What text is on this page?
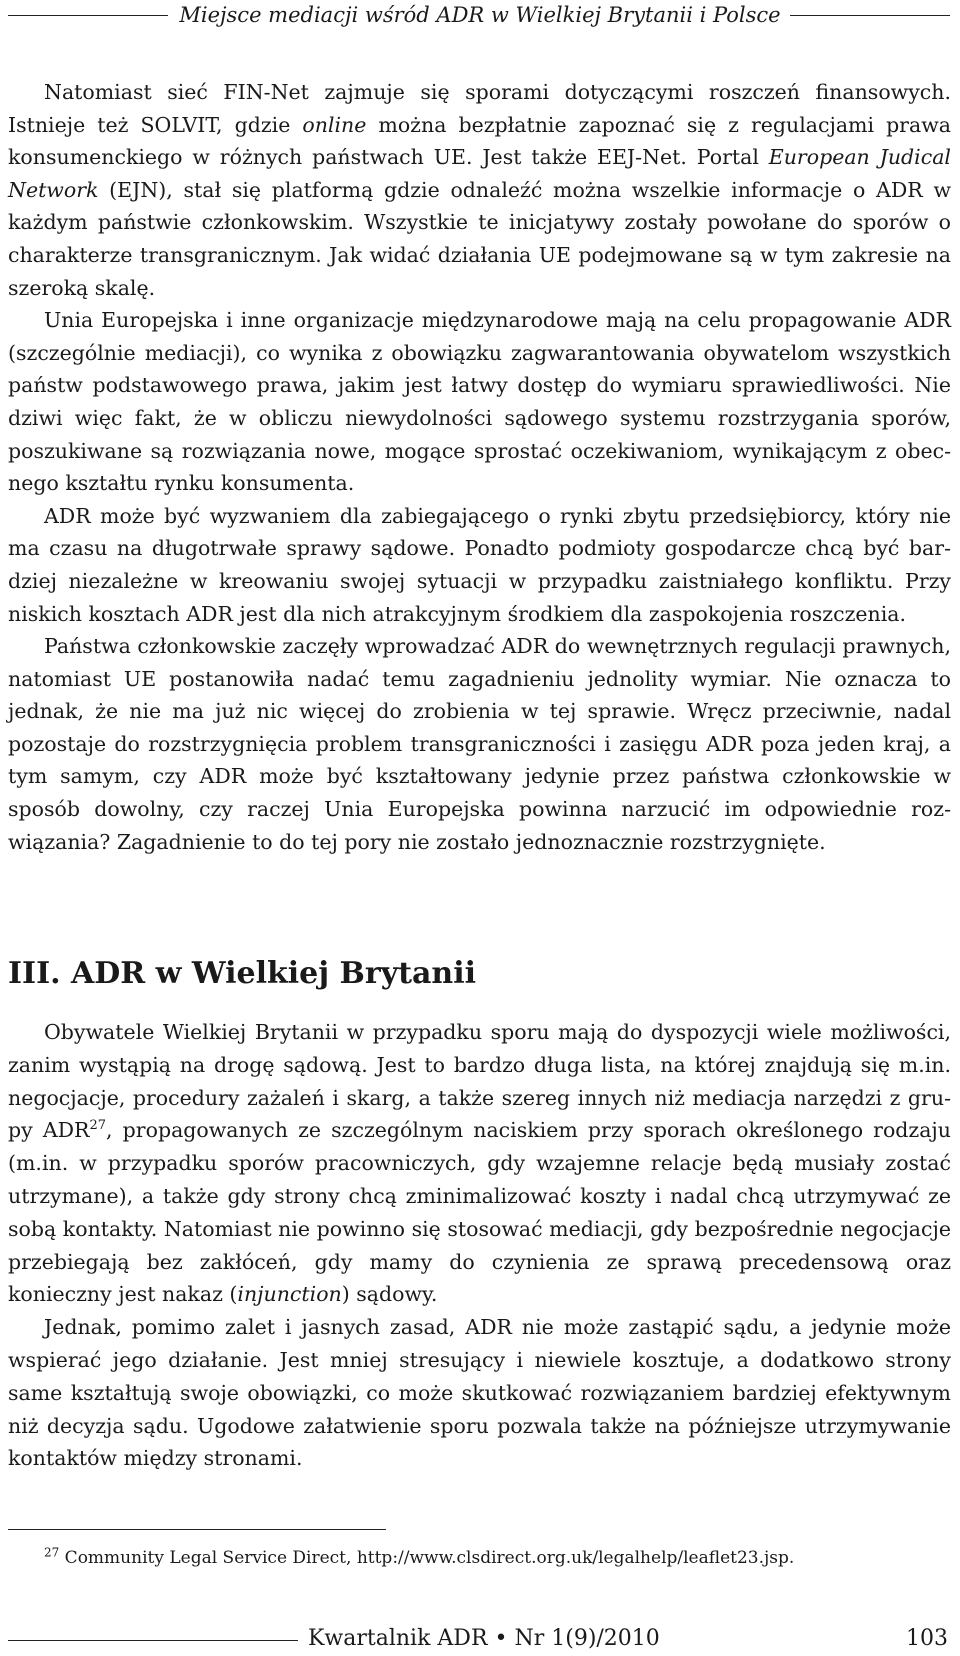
Miejsce mediacji wśród ADR w Wielkiej Brytanii i Polsce

Natomiast sieć FIN-Net zajmuje się sporami dotyczącymi roszczeń finansowych. Istnieje też SOLVIT, gdzie online można bezpłatnie zapoznać się z regulacjami prawa konsumenckiego w różnych państwach UE. Jest także EEJ-Net. Portal European Judical Network (EJN), stał się platformą gdzie odnaleźć można wszelkie informacje o ADR w każdym państwie członkowskim. Wszystkie te inicjatywy zostały powołane do sporów o charakterze transgranicznym. Jak widać działania UE podejmowane są w tym zakresie na szeroką skalę.

Unia Europejska i inne organizacje międzynarodowe mają na celu propagowanie ADR (szczególnie mediacji), co wynika z obowiązku zagwarantowania obywatelom wszystkich państw podstawowego prawa, jakim jest łatwy dostęp do wymiaru sprawiedliwości. Nie dziwi więc fakt, że w obliczu niewydolności sądowego systemu rozstrzygania sporów, poszukiwane są rozwiązania nowe, mogące sprostać oczekiwaniom, wynikającym z obecnego kształtu rynku konsumenta.

ADR może być wyzwaniem dla zabiegającego o rynki zbytu przedsiębiorcy, który nie ma czasu na długotrwałe sprawy sądowe. Ponadto podmioty gospodarcze chcą być bardziej niezależne w kreowaniu swojej sytuacji w przypadku zaistniałego konfliktu. Przy niskich kosztach ADR jest dla nich atrakcyjnym środkiem dla zaspokojenia roszczenia.

Państwa członkowskie zaczęły wprowadzać ADR do wewnętrznych regulacji prawnych, natomiast UE postanowiła nadać temu zagadnieniu jednolity wymiar. Nie oznacza to jednak, że nie ma już nic więcej do zrobienia w tej sprawie. Wręcz przeciwnie, nadal pozostaje do rozstrzygnięcia problem transgraniczności i zasięgu ADR poza jeden kraj, a tym samym, czy ADR może być kształtowany jedynie przez państwa członkowskie w sposób dowolny, czy raczej Unia Europejska powinna narzucić im odpowiednie rozwiązania? Zagadnienie to do tej pory nie zostało jednoznacznie rozstrzygnięte.

III. ADR w Wielkiej Brytanii

Obywatele Wielkiej Brytanii w przypadku sporu mają do dyspozycji wiele możliwości, zanim wystąpią na drogę sądową. Jest to bardzo długa lista, na której znajdują się m.in. negocjacje, procedury zażaleń i skarg, a także szereg innych niż mediacja narzędzi z grupy ADR$^{27}$, propagowanych ze szczególnym naciskiem przy sporach określonego rodzaju (m.in. w przypadku sporów pracowniczych, gdy wzajemne relacje będą musiały zostać utrzymane), a także gdy strony chcą zminimalizować koszty i nadal chcą utrzymywać ze sobą kontakty. Natomiast nie powinno się stosować mediacji, gdy bezpośrednie negocjacje przebiegają bez zakłóceń, gdy mamy do czynienia ze sprawą precedensową oraz konieczny jest nakaz (injunction) sądowy.

Jednak, pomimo zalet i jasnych zasad, ADR nie może zastąpić sądu, a jedynie może wspierać jego działanie. Jest mniej stresujący i niewiele kosztuje, a dodatkowo strony same kształtują swoje obowiązki, co może skutkować rozwiązaniem bardziej efektywnym niż decyzja sądu. Ugodowe załatwienie sporu pozwala także na późniejsze utrzymywanie kontaktów między stronami.

$^{27}$ Community Legal Service Direct, http://www.clsdirect.org.uk/legalhelp/leaflet23.jsp.
Kwartalnik ADR • Nr 1(9)/2010	103
